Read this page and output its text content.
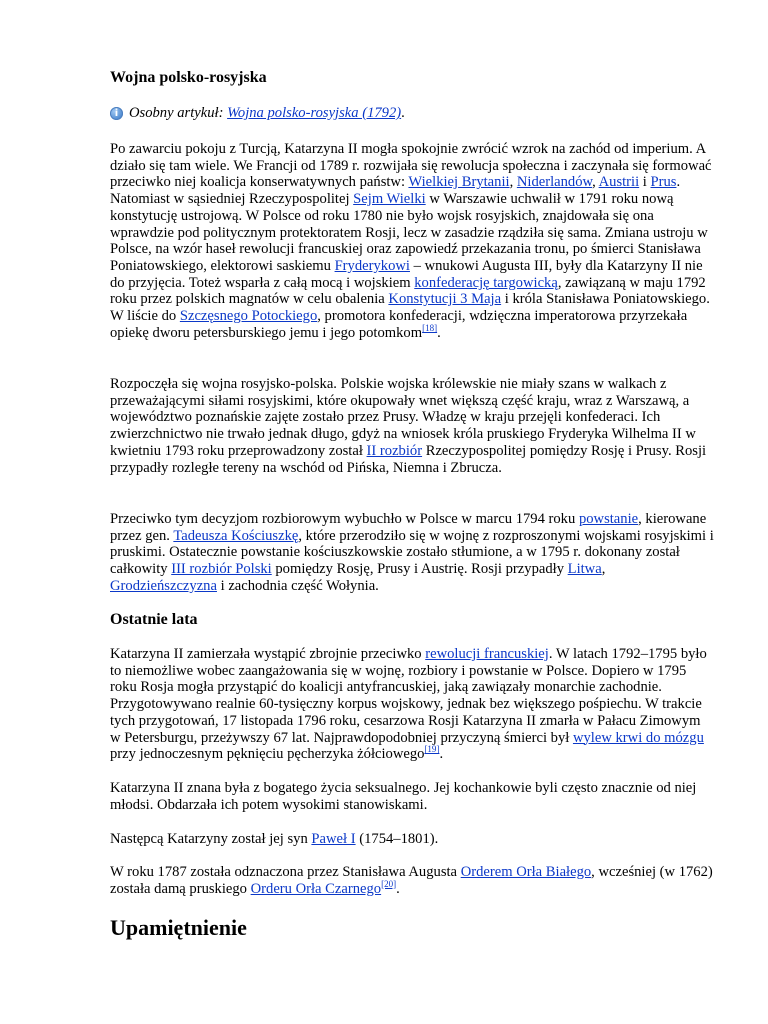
Wojna polsko-rosyjska
i Osobny artykuł:
Wojna polsko-rosyjska (1792) .

Po zawarciu pokoju z Turcją, Katarzyna II mogła spokojnie zwrócić wzrok na zachód od imperium. A działo się tam wiele. We Francji od 1789 r. rozwijała się rewolucja społeczna i zaczynała się formować przeciwko niej koalicja konserwatywnych państw: Wielkiej Brytanii, Niderlandów, Austrii i Prus. Natomiast w sąsiedniej Rzeczypospolitej Sejm Wielki w Warszawie uchwalił w 1791 roku nową konstytucję ustrojową. W Polsce od roku 1780 nie było wojsk rosyjskich, znajdowała się ona wprawdzie pod politycznym protektoratem Rosji, lecz w zasadzie rządziła się sama. Zmiana ustroju w Polsce, na wzór haseł rewolucji francuskiej oraz zapowiedź przekazania tronu, po śmierci Stanisława Poniatowskiego, elektorowi saskiemu Fryderykowi – wnukowi Augusta III, były dla Katarzyny II nie do przyjęcia. Toteż wsparła z całą mocą i wojskiem konfederację targowicką, zawiązaną w maju 1792 roku przez polskich magnatów w celu obalenia Konstytucji 3 Maja i króla Stanisława Poniatowskiego. W liście do Szczęsnego Potockiego, promotora konfederacji, wdzięczna imperatorowa przyrzekała opiekę dworu petersburskiego jemu i jego potomkom[18].

Rozpoczęła się wojna rosyjsko-polska. Polskie wojska królewskie nie miały szans w walkach z przeważającymi siłami rosyjskimi, które okupowały wnet większą część kraju, wraz z Warszawą, a województwo poznańskie zajęte zostało przez Prusy. Władzę w kraju przejęli konfederaci. Ich zwierzchnictwo nie trwało jednak długo, gdyż na wniosek króla pruskiego Fryderyka Wilhelma II w kwietniu 1793 roku przeprowadzony został II rozbiór Rzeczypospolitej pomiędzy Rosję i Prusy. Rosji przypadły rozległe tereny na wschód od Pińska, Niemna i Zbrucza.

Przeciwko tym decyzjom rozbiorowym wybuchło w Polsce w marcu 1794 roku powstanie, kierowane przez gen. Tadeusza Kościuszkę, które przerodziło się w wojnę z rozproszonymi wojskami rosyjskimi i pruskimi. Ostatecznie powstanie kościuszkowskie zostało stłumione, a w 1795 r. dokonany został całkowity III rozbiór Polski pomiędzy Rosję, Prusy i Austrię. Rosji przypadły Litwa, Grodzieńszczyzna i zachodnia część Wołynia.

Ostatnie lata

Katarzyna II zamierzała wystąpić zbrojnie przeciwko rewolucji francuskiej. W latach 1792–1795 było to niemożliwe wobec zaangażowania się w wojnę, rozbiory i powstanie w Polsce. Dopiero w 1795 roku Rosja mogła przystąpić do koalicji antyfrancuskiej, jaką zawiązały monarchie zachodnie. Przygotowywano realnie 60-tysięczny korpus wojskowy, jednak bez większego pośpiechu. W trakcie tych przygotowań, 17 listopada 1796 roku, cesarzowa Rosji Katarzyna II zmarła w Pałacu Zimowym w Petersburgu, przeżywszy 67 lat. Najprawdopodobniej przyczyną śmierci był wylew krwi do mózgu przy jednoczesnym pęknięciu pęcherzyka żółciowego[19].

Katarzyna II znana była z bogatego życia seksualnego. Jej kochankowie byli często znacznie od niej młodsi. Obdarzała ich potem wysokimi stanowiskami.

Następcą Katarzyny został jej syn Paweł I (1754–1801).

W roku 1787 została odznaczona przez Stanisława Augusta Orderem Orła Białego, wcześniej (w 1762) została damą pruskiego Orderu Orła Czarnego[20].

Upamiętnienie
